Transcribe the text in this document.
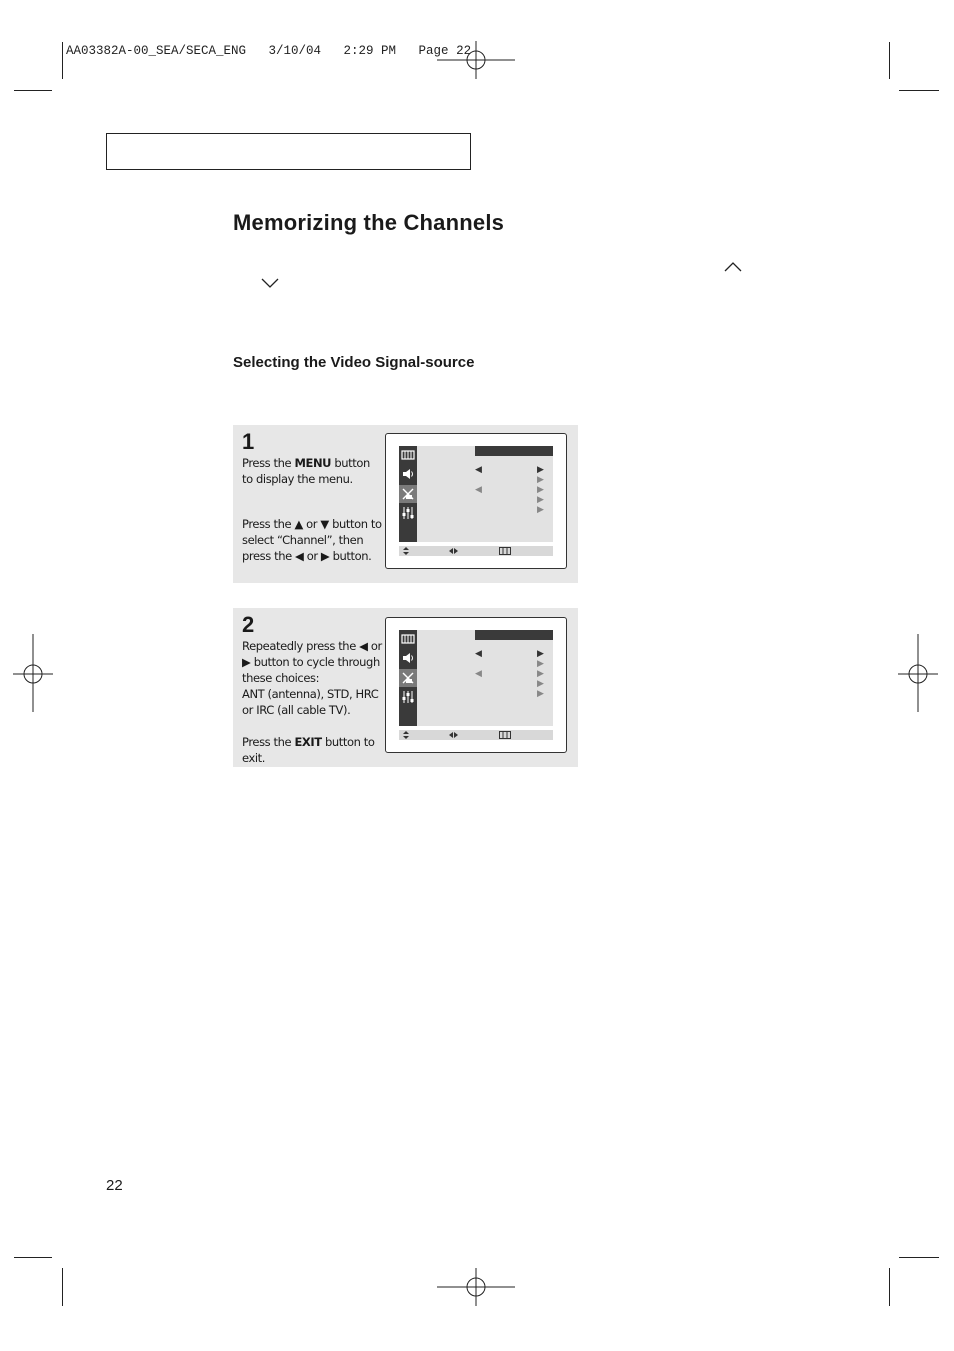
AA03382A-00_SEA/SECA_ENG   3/10/04   2:29 PM   Page 22
Memorizing the Channels
Selecting the Video Signal-source
1
Press the MENU button to display the menu.
Press the ▲ or ▼ button to select “Channel”, then press the ◀ or ▶ button.
◀	▶
▶
◀	▶
▶
▶
2
Repeatedly press the ◀ or ▶ button to cycle through these choices:
ANT (antenna), STD, HRC or IRC (all cable TV).
Press the EXIT button to exit.
◀	▶
▶
◀	▶
▶
▶
22
